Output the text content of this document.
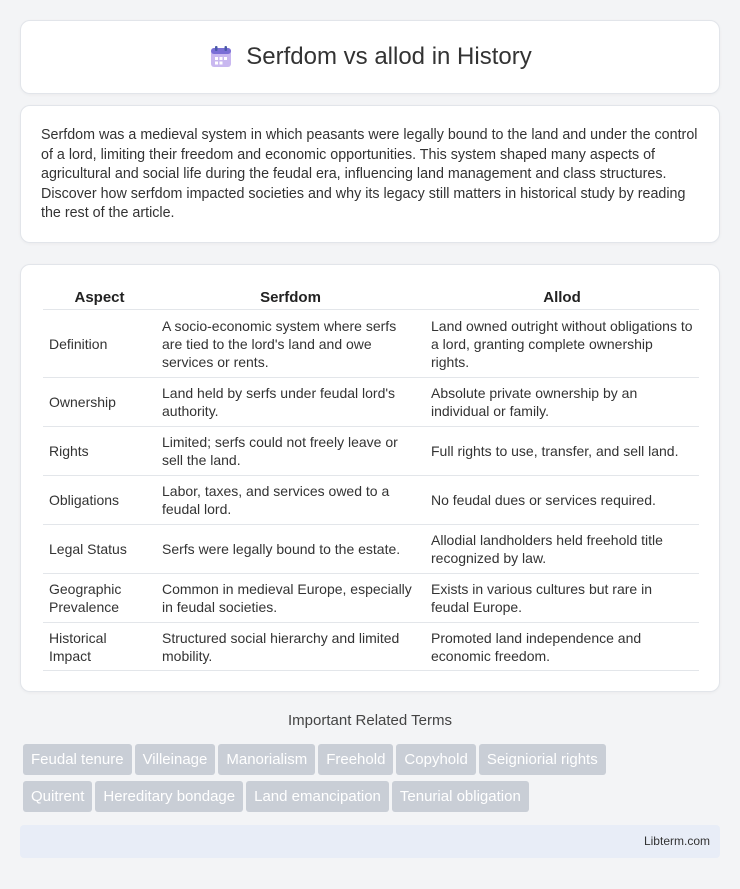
Serfdom vs allod in History

Serfdom was a medieval system in which peasants were legally bound to the land and under the control of a lord, limiting their freedom and economic opportunities. This system shaped many aspects of agricultural and social life during the feudal era, influencing land management and class structures. Discover how serfdom impacted societies and why its legacy still matters in historical study by reading the rest of the article.

Aspect	Serfdom	Allod
Definition	A socio-economic system where serfs are tied to the lord's land and owe services or rents.	Land owned outright without obligations to a lord, granting complete ownership rights.
Ownership	Land held by serfs under feudal lord's authority.	Absolute private ownership by an individual or family.
Rights	Limited; serfs could not freely leave or sell the land.	Full rights to use, transfer, and sell land.
Obligations	Labor, taxes, and services owed to a feudal lord.	No feudal dues or services required.
Legal Status	Serfs were legally bound to the estate.	Allodial landholders held freehold title recognized by law.
Geographic Prevalence	Common in medieval Europe, especially in feudal societies.	Exists in various cultures but rare in feudal Europe.
Historical Impact	Structured social hierarchy and limited mobility.	Promoted land independence and economic freedom.
Important Related Terms
Feudal tenure Villeinage Manorialism Freehold Copyhold Seigniorial rights
Quitrent Hereditary bondage Land emancipation Tenurial obligation
Libterm.com
